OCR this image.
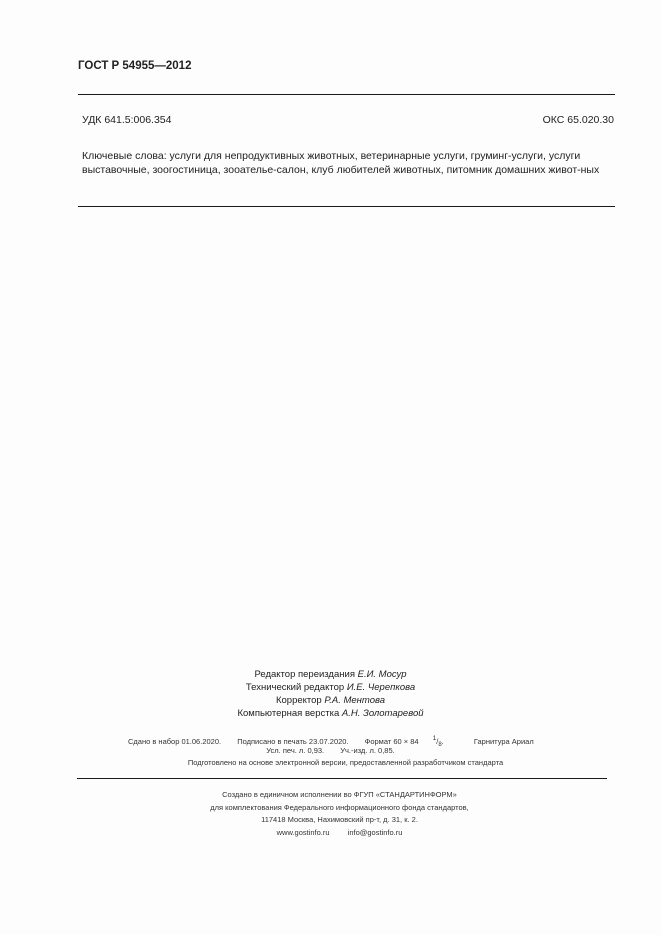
ГОСТ Р 54955—2012
УДК 641.5:006.354	ОКС 65.020.30
Ключевые слова: услуги для непродуктивных животных, ветеринарные услуги, груминг-услуги, услуги выставочные, зоогостиница, зооателье-салон, клуб любителей животных, питомник домашних живот-ных
Редактор переиздания Е.И. Мосур
Технический редактор И.Е. Черепкова
Корректор Р.А. Ментова
Компьютерная верстка А.Н. Золотаревой
Сдано в набор 01.06.2020. Подписано в печать 23.07.2020. Формат 60 × 84 $^1/_8$.	Гарнитура Ариал
Усл. печ. л. 0,93. Уч.-изд. л. 0,85.
Подготовлено на основе электронной версии, предоставленной разработчиком стандарта
Создано в единичном исполнении во ФГУП «СТАНДАРТИНФОРМ»
для комплектования Федерального информационного фонда стандартов,
117418 Москва, Нахимовский пр-т, д. 31, к. 2.
www.gostinfo.ru info@gostinfo.ru
